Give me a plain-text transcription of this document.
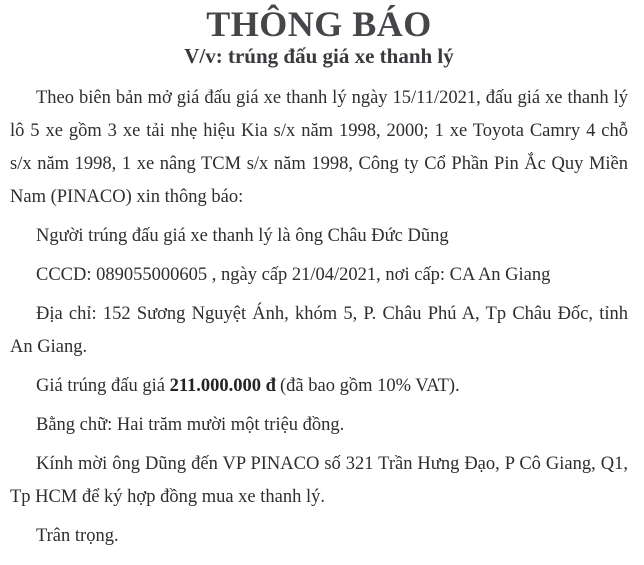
THÔNG BÁO
V/v: trúng đấu giá xe thanh lý

Theo biên bản mở giá đấu giá xe thanh lý ngày 15/11/2021, đấu giá xe thanh lý lô 5 xe gồm 3 xe tải nhẹ hiệu Kia s/x năm 1998, 2000; 1 xe Toyota Camry 4 chỗ s/x năm 1998, 1 xe nâng TCM s/x năm 1998, Công ty Cổ Phần Pin Ắc Quy Miền Nam (PINACO) xin thông báo:

Người trúng đấu giá xe thanh lý là ông Châu Đức Dũng

CCCD: 089055000605 , ngày cấp 21/04/2021, nơi cấp: CA An Giang

Địa chỉ: 152 Sương Nguyệt Ánh, khóm 5, P. Châu Phú A, Tp Châu Đốc, tỉnh An Giang.

Giá trúng đấu giá 211.000.000 đ (đã bao gồm 10% VAT).

Bằng chữ: Hai trăm mười một triệu đồng.

Kính mời ông Dũng đến VP PINACO số 321 Trần Hưng Đạo, P Cô Giang, Q1, Tp HCM để ký hợp đồng mua xe thanh lý.

Trân trọng.
